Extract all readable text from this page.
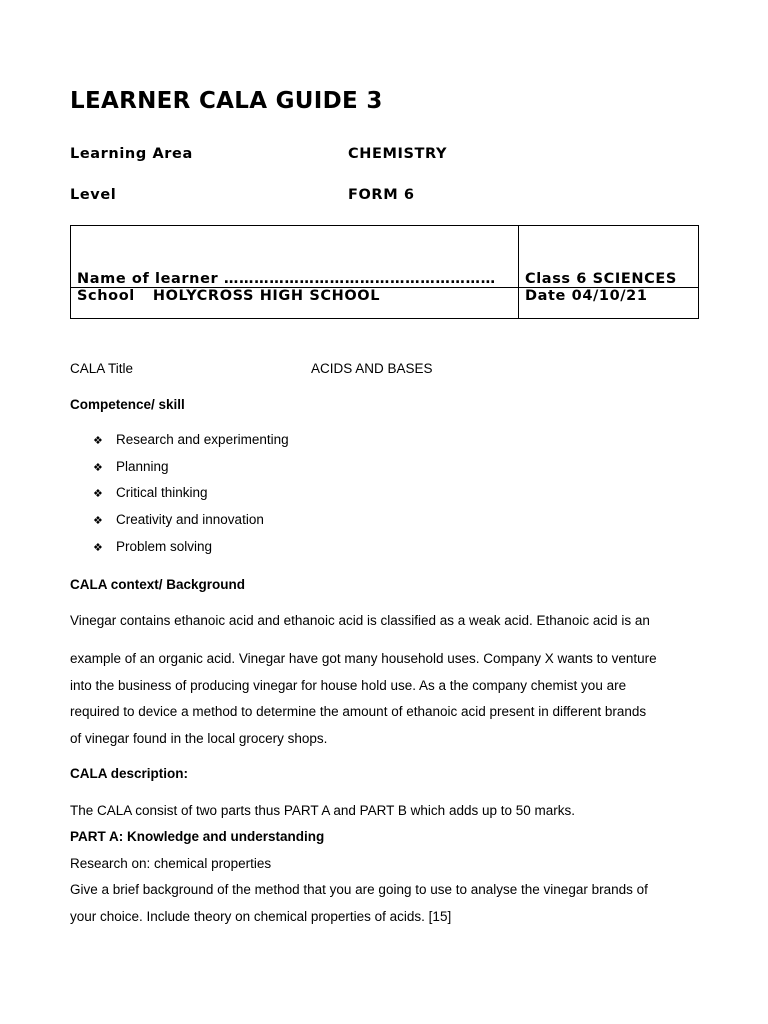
LEARNER CALA GUIDE 3
Learning Area	CHEMISTRY
Level	FORM 6
Name of learner ………………………………………………	Class 6 SCIENCES
School HOLYCROSS HIGH SCHOOL	Date 04/10/21
CALA Title	ACIDS AND BASES
Competence/ skill
❖ Research and experimenting
❖ Planning
❖ Critical thinking
❖ Creativity and innovation
❖ Problem solving
CALA context/ Background
Vinegar contains ethanoic acid and ethanoic acid is classified as a weak acid. Ethanoic acid is an
example of an organic acid. Vinegar have got many household uses. Company X wants to venture
into the business of producing vinegar for house hold use. As a the company chemist you are
required to device a method to determine the amount of ethanoic acid present in different brands
of vinegar found in the local grocery shops.
CALA description:
The CALA consist of two parts thus PART A and PART B which adds up to 50 marks.
PART A: Knowledge and understanding
Research on: chemical properties
Give a brief background of the method that you are going to use to analyse the vinegar brands of
your choice. Include theory on chemical properties of acids. [15]
